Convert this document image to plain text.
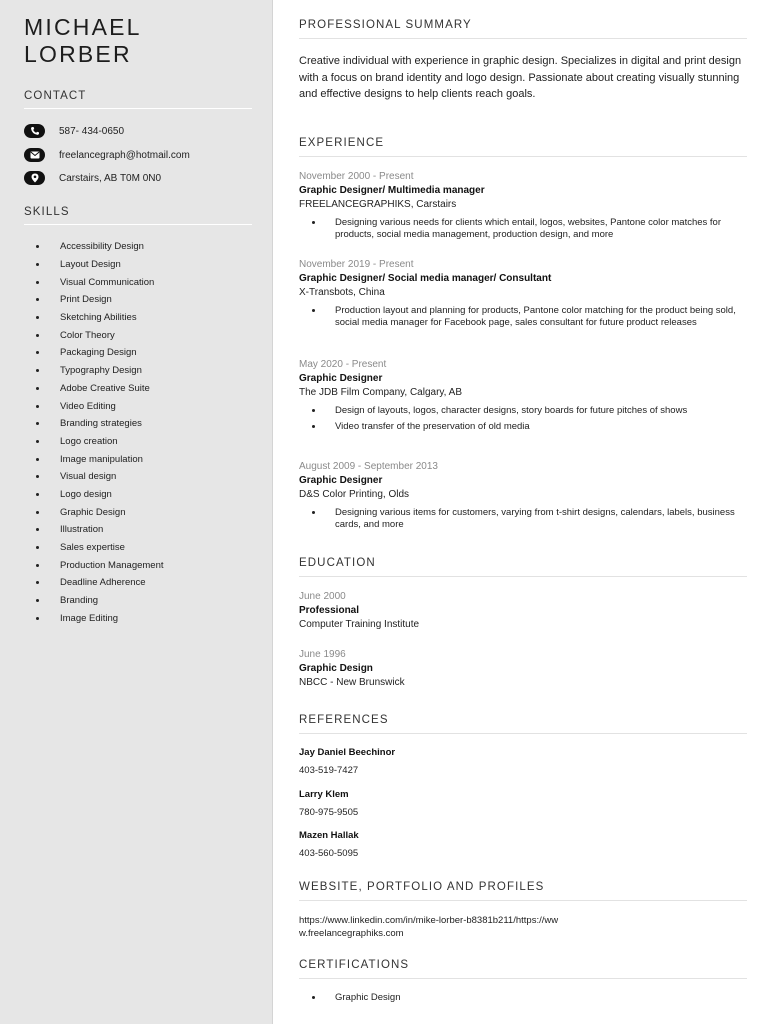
MICHAEL
LORBER
CONTACT
587- 434-0650
freelancegraph@hotmail.com
Carstairs, AB T0M 0N0
SKILLS
Accessibility Design
Layout Design
Visual Communication
Print Design
Sketching Abilities
Color Theory
Packaging Design
Typography Design
Adobe Creative Suite
Video Editing
Branding strategies
Logo creation
Image manipulation
Visual design
Logo design
Graphic Design
Illustration
Sales expertise
Production Management
Deadline Adherence
Branding
Image Editing
PROFESSIONAL SUMMARY
Creative individual with experience in graphic design. Specializes in digital and print design with a focus on brand identity and logo design. Passionate about creating visually stunning and effective designs to help clients reach goals.
EXPERIENCE
November 2000 - Present
Graphic Designer/ Multimedia manager
FREELANCEGRAPHIKS, Carstairs
Designing various needs for clients which entail, logos, websites, Pantone color matches for products, social media management, production design, and more
November 2019 - Present
Graphic Designer/ Social media manager/ Consultant
X-Transbots, China
Production layout and planning for products, Pantone color matching for the product being sold, social media manager for Facebook page, sales consultant for future product releases
May 2020 - Present
Graphic Designer
The JDB Film Company, Calgary, AB
Design of layouts, logos, character designs, story boards for future pitches of shows
Video transfer of the preservation of old media
August 2009 - September 2013
Graphic Designer
D&S Color Printing, Olds
Designing various items for customers, varying from t-shirt designs, calendars, labels, business cards, and more
EDUCATION
June 2000
Professional
Computer Training Institute
June 1996
Graphic Design
NBCC - New Brunswick
REFERENCES
Jay Daniel Beechinor
403-519-7427
Larry Klem
780-975-9505
Mazen Hallak
403-560-5095
WEBSITE, PORTFOLIO AND PROFILES
https://www.linkedin.com/in/mike-lorber-b8381b211/https://www.freelancegraphiks.com
CERTIFICATIONS
Graphic Design
